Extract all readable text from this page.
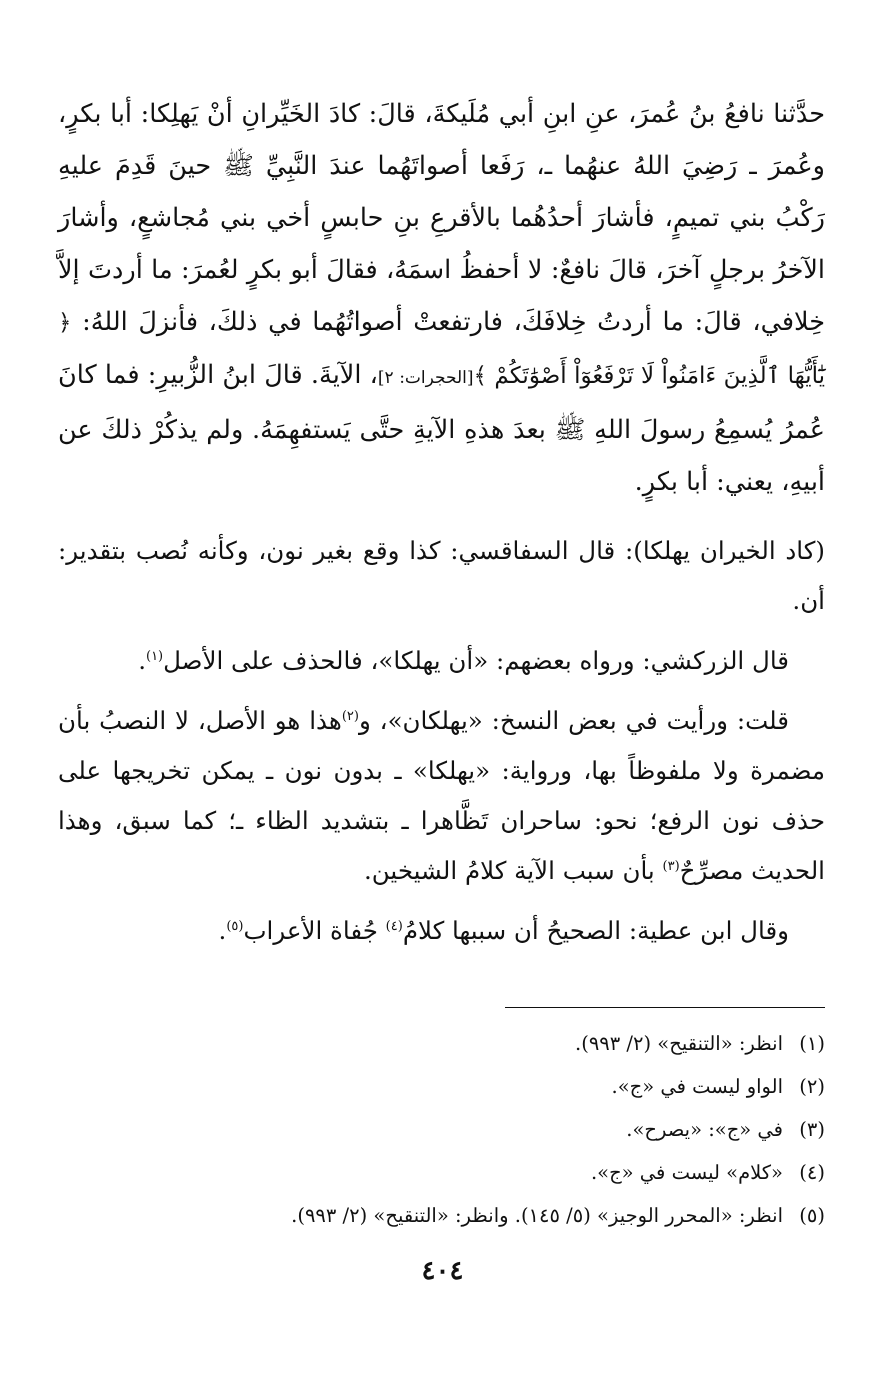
حدَّثنا نافعُ بنُ عُمرَ، عنِ ابنِ أبي مُلَيكةَ، قالَ: كادَ الخَيِّرانِ أنْ يَهلِكا: أبا بكرٍ، وعُمرَ ـ رَضِيَ اللهُ عنهُما ـ، رَفَعا أصواتَهُما عندَ النَّبِيِّ ﷺ حينَ قَدِمَ عليهِ رَكْبُ بني تميمٍ، فأشارَ أحدُهُما بالأقرعِ بنِ حابسٍ أخي بني مُجاشعٍ، وأشارَ الآخرُ برجلٍ آخرَ، قالَ نافعٌ: لا أحفظُ اسمَهُ، فقالَ أبو بكرٍ لعُمرَ: ما أردتَ إلاَّ خِلافي، قالَ: ما أردتُ خِلافَكَ، فارتفعتْ أصواتُهُما في ذلكَ، فأنزلَ اللهُ: ﴿ يَٰٓأَيُّهَا ٱلَّذِينَ ءَامَنُواْ لَا تَرْفَعُوٓاْ أَصْوَٰتَكُمْ ﴾[الحجرات: ٢]، الآيةَ. قالَ ابنُ الزُّبيرِ: فما كانَ عُمرُ يُسمِعُ رسولَ اللهِ ﷺ بعدَ هذهِ الآيةِ حتَّى يَستفهِمَهُ. ولم يذكُرْ ذلكَ عن أبيهِ، يعني: أبا بكرٍ.

(كاد الخيران يهلكا): قال السفاقسي: كذا وقع بغير نون، وكأنه نُصب بتقدير: أن.

قال الزركشي: ورواه بعضهم: «أن يهلكا»، فالحذف على الأصل$^{(١)}$.

قلت: ورأيت في بعض النسخ: «يهلكان»، و$^{(٢)}$هذا هو الأصل، لا النصبُ بأن مضمرة ولا ملفوظاً بها، ورواية: «يهلكا» ـ بدون نون ـ يمكن تخريجها على حذف نون الرفع؛ نحو: ساحران تَظَّاهرا ـ بتشديد الظاء ـ؛ كما سبق، وهذا الحديث مصرِّحٌ$^{(٣)}$ بأن سبب الآية كلامُ الشيخين.

وقال ابن عطية: الصحيحُ أن سببها كلامُ$^{(٤)}$ جُفاة الأعراب$^{(٥)}$.

(١)
انظر: «التنقيح» (٢/ ٩٩٣).
(٢)
الواو ليست في «ج».
(٣)
في «ج»: «يصرح».
(٤)
«كلام» ليست في «ج».
(٥)
انظر: «المحرر الوجيز» (٥/ ١٤٥). وانظر: «التنقيح» (٢/ ٩٩٣).
٤٠٤
